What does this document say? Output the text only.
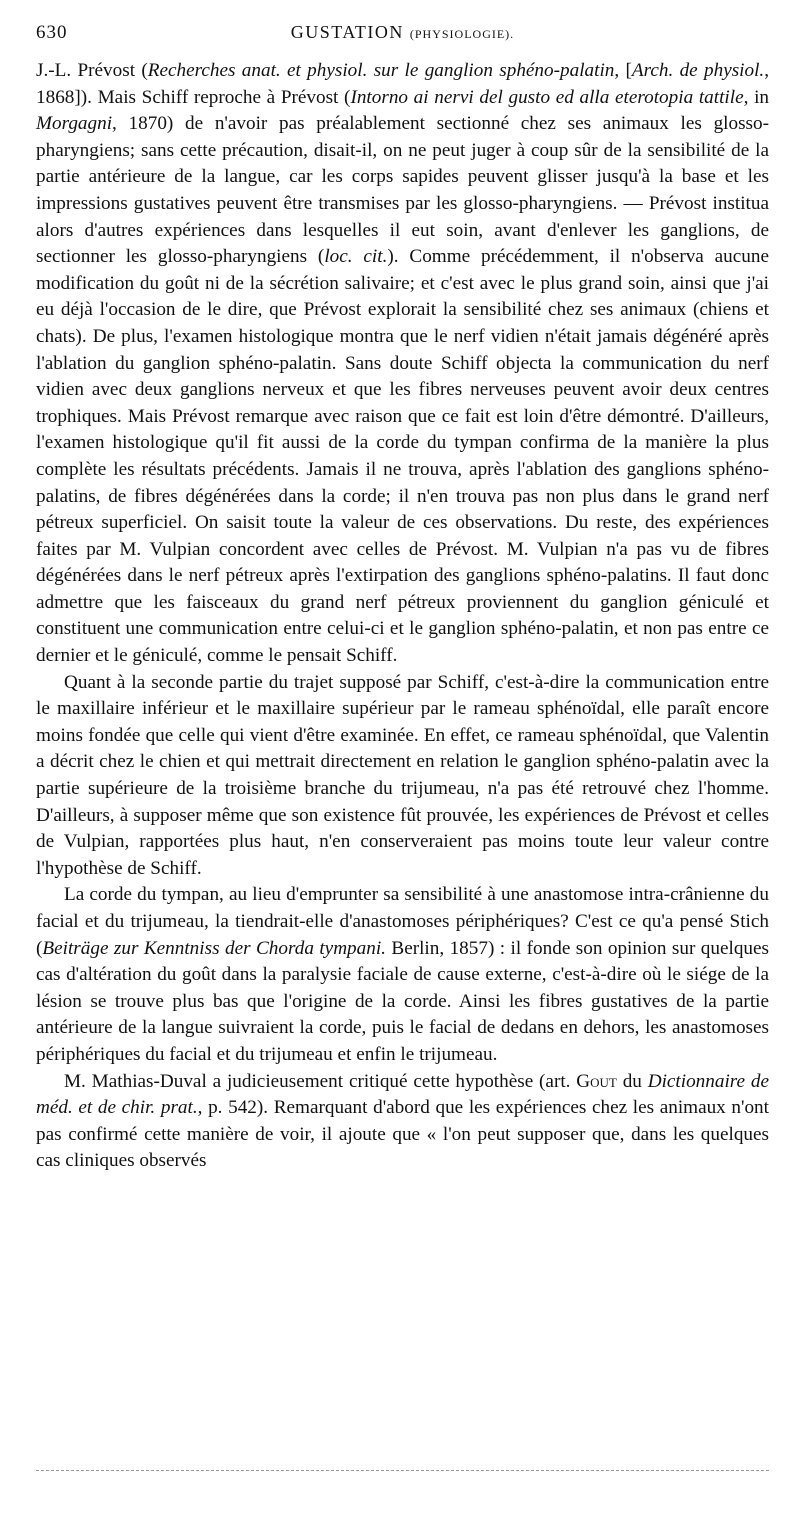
630	GUSTATION (PHYSIOLOGIE).

J.-L. Prévost (Recherches anat. et physiol. sur le ganglion sphéno-palatin, [Arch. de physiol., 1868]). Mais Schiff reproche à Prévost (Intorno ai nervi del gusto ed alla eterotopia tattile, in Morgagni, 1870) de n'avoir pas préalablement sectionné chez ses animaux les glosso-pharyngiens; sans cette précaution, disait-il, on ne peut juger à coup sûr de la sensibilité de la partie antérieure de la langue, car les corps sapides peuvent glisser jusqu'à la base et les impressions gustatives peuvent être transmises par les glosso-pharyngiens. — Prévost institua alors d'autres expériences dans lesquelles il eut soin, avant d'enlever les ganglions, de sectionner les glosso-pharyngiens (loc. cit.). Comme précédemment, il n'observa aucune modification du goût ni de la sécrétion salivaire; et c'est avec le plus grand soin, ainsi que j'ai eu déjà l'occasion de le dire, que Prévost explorait la sensibilité chez ses animaux (chiens et chats). De plus, l'examen histologique montra que le nerf vidien n'était jamais dégénéré après l'ablation du ganglion sphéno-palatin. Sans doute Schiff objecta la communication du nerf vidien avec deux ganglions nerveux et que les fibres nerveuses peuvent avoir deux centres trophiques. Mais Prévost remarque avec raison que ce fait est loin d'être démontré. D'ailleurs, l'examen histologique qu'il fit aussi de la corde du tympan confirma de la manière la plus complète les résultats précédents. Jamais il ne trouva, après l'ablation des ganglions sphéno-palatins, de fibres dégénérées dans la corde; il n'en trouva pas non plus dans le grand nerf pétreux superficiel. On saisit toute la valeur de ces observations. Du reste, des expériences faites par M. Vulpian concordent avec celles de Prévost. M. Vulpian n'a pas vu de fibres dégénérées dans le nerf pétreux après l'extirpation des ganglions sphéno-palatins. Il faut donc admettre que les faisceaux du grand nerf pétreux proviennent du ganglion géniculé et constituent une communication entre celui-ci et le ganglion sphéno-palatin, et non pas entre ce dernier et le géniculé, comme le pensait Schiff.

Quant à la seconde partie du trajet supposé par Schiff, c'est-à-dire la communication entre le maxillaire inférieur et le maxillaire supérieur par le rameau sphénoïdal, elle paraît encore moins fondée que celle qui vient d'être examinée. En effet, ce rameau sphénoïdal, que Valentin a décrit chez le chien et qui mettrait directement en relation le ganglion sphéno-palatin avec la partie supérieure de la troisième branche du trijumeau, n'a pas été retrouvé chez l'homme. D'ailleurs, à supposer même que son existence fût prouvée, les expériences de Prévost et celles de Vulpian, rapportées plus haut, n'en conserveraient pas moins toute leur valeur contre l'hypothèse de Schiff.

La corde du tympan, au lieu d'emprunter sa sensibilité à une anastomose intra-crânienne du facial et du trijumeau, la tiendrait-elle d'anastomoses périphériques? C'est ce qu'a pensé Stich (Beiträge zur Kenntniss der Chorda tympani. Berlin, 1857) : il fonde son opinion sur quelques cas d'altération du goût dans la paralysie faciale de cause externe, c'est-à-dire où le siége de la lésion se trouve plus bas que l'origine de la corde. Ainsi les fibres gustatives de la partie antérieure de la langue suivraient la corde, puis le facial de dedans en dehors, les anastomoses périphériques du facial et du trijumeau et enfin le trijumeau.

M. Mathias-Duval a judicieusement critiqué cette hypothèse (art. Gout du Dictionnaire de méd. et de chir. prat., p. 542). Remarquant d'abord que les expériences chez les animaux n'ont pas confirmé cette manière de voir, il ajoute que « l'on peut supposer que, dans les quelques cas cliniques observés
